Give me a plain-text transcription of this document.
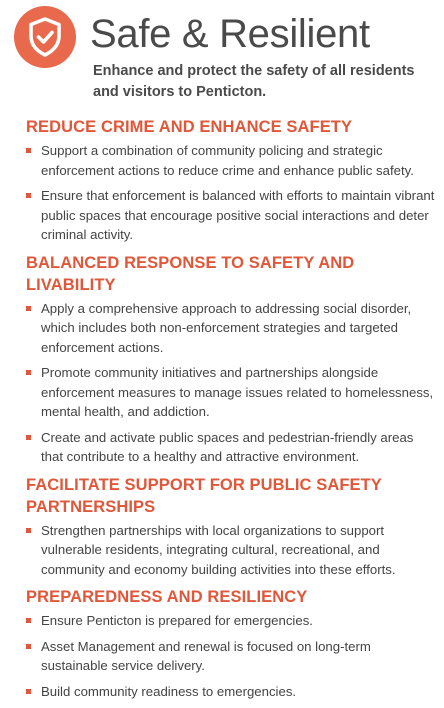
Safe & Resilient
Enhance and protect the safety of all residents and visitors to Penticton.
REDUCE CRIME AND ENHANCE SAFETY
Support a combination of community policing and strategic enforcement actions to reduce crime and enhance public safety.
Ensure that enforcement is balanced with efforts to maintain vibrant public spaces that encourage positive social interactions and deter criminal activity.
BALANCED RESPONSE TO SAFETY AND LIVABILITY
Apply a comprehensive approach to addressing social disorder, which includes both non-enforcement strategies and targeted enforcement actions.
Promote community initiatives and partnerships alongside enforcement measures to manage issues related to homelessness, mental health, and addiction.
Create and activate public spaces and pedestrian-friendly areas that contribute to a healthy and attractive environment.
FACILITATE SUPPORT FOR PUBLIC SAFETY PARTNERSHIPS
Strengthen partnerships with local organizations to support vulnerable residents, integrating cultural, recreational, and community and economy building activities into these efforts.
PREPAREDNESS AND RESILIENCY
Ensure Penticton is prepared for emergencies.
Asset Management and renewal is focused on long-term sustainable service delivery.
Build community readiness to emergencies.
